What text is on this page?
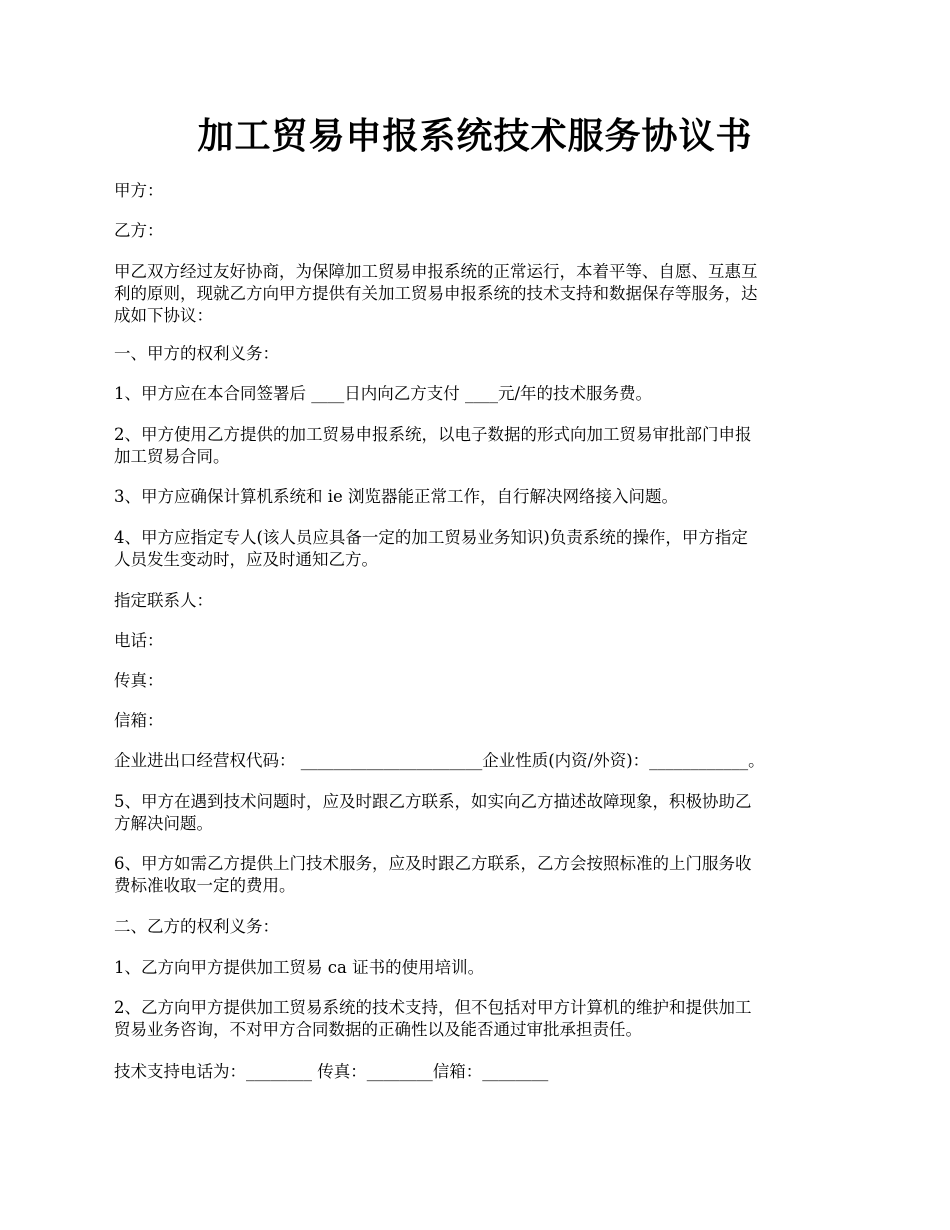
加工贸易申报系统技术服务协议书
甲方：
乙方：
甲乙双方经过友好协商，为保障加工贸易申报系统的正常运行，本着平等、自愿、互惠互
利的原则，现就乙方向甲方提供有关加工贸易申报系统的技术支持和数据保存等服务，达
成如下协议：
一、甲方的权利义务：
1、甲方应在本合同签署后 ____日内向乙方支付 ____元/年的技术服务费。
2、甲方使用乙方提供的加工贸易申报系统，以电子数据的形式向加工贸易审批部门申报
加工贸易合同。
3、甲方应确保计算机系统和 ie 浏览器能正常工作，自行解决网络接入问题。
4、甲方应指定专人(该人员应具备一定的加工贸易业务知识)负责系统的操作，甲方指定
人员发生变动时，应及时通知乙方。
指定联系人：
电话：
传真：
信箱：
企业进出口经营权代码： ______________________企业性质(内资/外资)：____________。
5、甲方在遇到技术问题时，应及时跟乙方联系，如实向乙方描述故障现象，积极协助乙
方解决问题。
6、甲方如需乙方提供上门技术服务，应及时跟乙方联系，乙方会按照标准的上门服务收
费标准收取一定的费用。
二、乙方的权利义务：
1、乙方向甲方提供加工贸易 ca 证书的使用培训。
2、乙方向甲方提供加工贸易系统的技术支持，但不包括对甲方计算机的维护和提供加工
贸易业务咨询，不对甲方合同数据的正确性以及能否通过审批承担责任。
技术支持电话为：________ 传真：________信箱：________
